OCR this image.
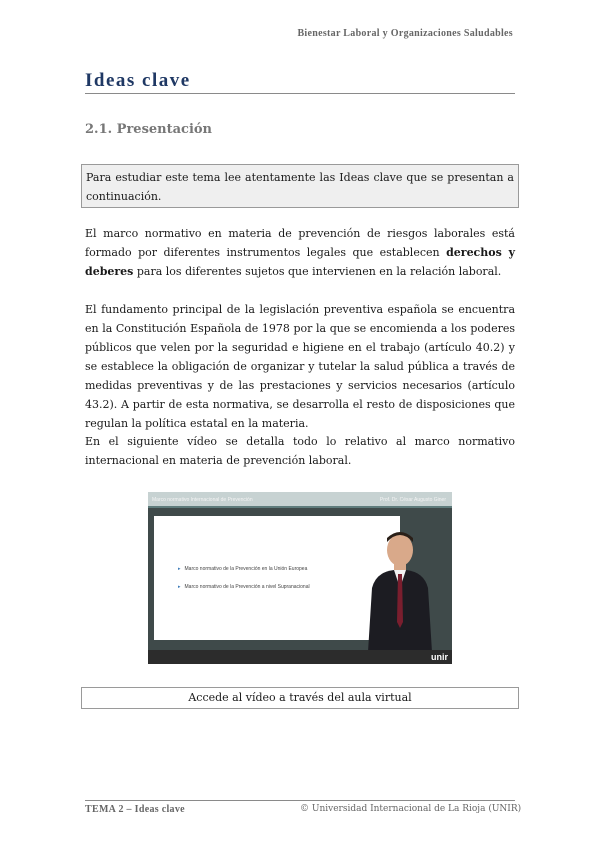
Bienestar Laboral y Organizaciones Saludables
Ideas clave
2.1. Presentación
Para estudiar este tema lee atentamente las Ideas clave que se presentan a continuación.

El marco normativo en materia de prevención de riesgos laborales está formado por diferentes instrumentos legales que establecen derechos y deberes para los diferentes sujetos que intervienen en la relación laboral.

El fundamento principal de la legislación preventiva española se encuentra en la Constitución Española de 1978 por la que se encomienda a los poderes públicos que velen por la seguridad e higiene en el trabajo (artículo 40.2) y se establece la obligación de organizar y tutelar la salud pública a través de medidas preventivas y de las prestaciones y servicios necesarios (artículo 43.2). A partir de esta normativa, se desarrolla el resto de disposiciones que regulan la política estatal en la materia.

En el siguiente vídeo se detalla todo lo relativo al marco normativo internacional en materia de prevención laboral.

Marco normativo Internacional de Prevención	Prof. Dr. César Augusto Giner
▸ Marco normativo de la Prevención en la Unión Europea
▸ Marco normativo de la Prevención a nivel Supranacional
unir
Accede al vídeo a través del aula virtual
TEMA 2 – Ideas clave	© Universidad Internacional de La Rioja (UNIR)
